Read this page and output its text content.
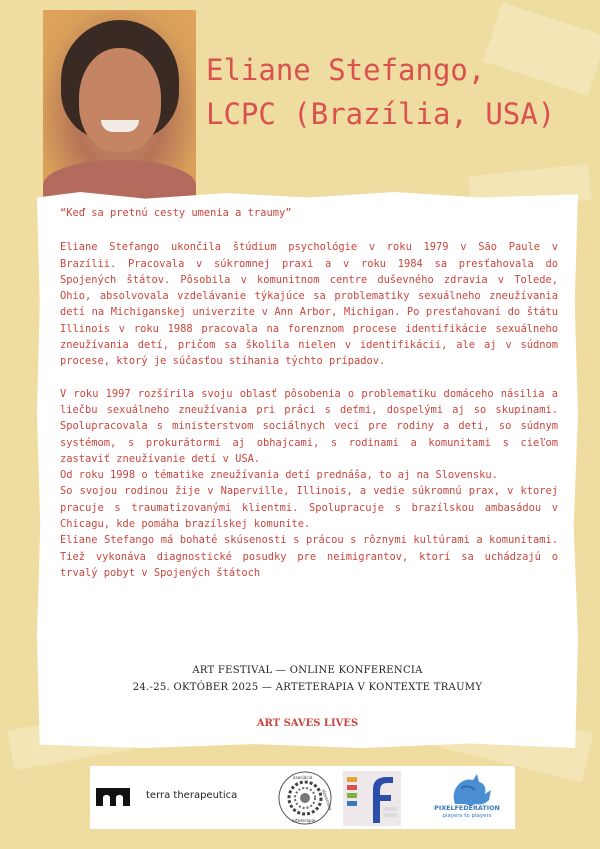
Eliane Stefango,
LCPC (Brazília, USA)
“Keď sa pretnú cesty umenia a traumy”

Eliane Stefango ukončila štúdium psychológie v roku 1979 v São Paule v Brazílii. Pracovala v súkromnej praxi a v roku 1984 sa presťahovala do Spojených štátov. Pôsobila v komunitnom centre duševného zdravia v Tolede, Ohio, absolvovala vzdelávanie týkajúce sa problematiky sexuálneho zneužívania detí na Michiganskej univerzite v Ann Arbor, Michigan. Po presťahovaní do štátu Illinois v roku 1988 pracovala na forenznom procese identifikácie sexuálneho zneužívania detí, pričom sa školila nielen v identifikácii, ale aj v súdnom procese, ktorý je súčasťou stíhania týchto prípadov.

V roku 1997 rozšírila svoju oblasť pôsobenia o problematiku domáceho násilia a liečbu sexuálneho zneužívania pri práci s deťmi, dospelými aj so skupinami. Spolupracovala s ministerstvom sociálnych vecí pre rodiny a deti, so súdnym systémom, s prokurátormi aj obhajcami, s rodinami a komunitami s cieľom zastaviť zneužívanie detí v USA.

Od roku 1998 o tématike zneužívania detí prednáša, to aj na Slovensku.

So svojou rodinou žije v Naperville, Illinois, a vedie súkromnú prax, v ktorej pracuje s traumatizovanými klientmi. Spolupracuje s brazílskou ambasádou v Chicagu, kde pomáha brazílskej komunite.

Eliane Stefango má bohaté skúsenosti s prácou s rôznymi kultúrami a komunitami. Tiež vykonáva diagnostické posudky pre neimigrantov, ktorí sa uchádzajú o trvalý pobyt v Spojených štátoch

ART FESTIVAL — ONLINE KONFERENCIA
24.-25. OKTÓBER 2025 — ARTETERAPIA V KONTEXTE TRAUMY
ART SAVES LIVES
terra therapeutica
asociácia
slovenskej
arteterapie
PIXELFEDERATION
players to players
